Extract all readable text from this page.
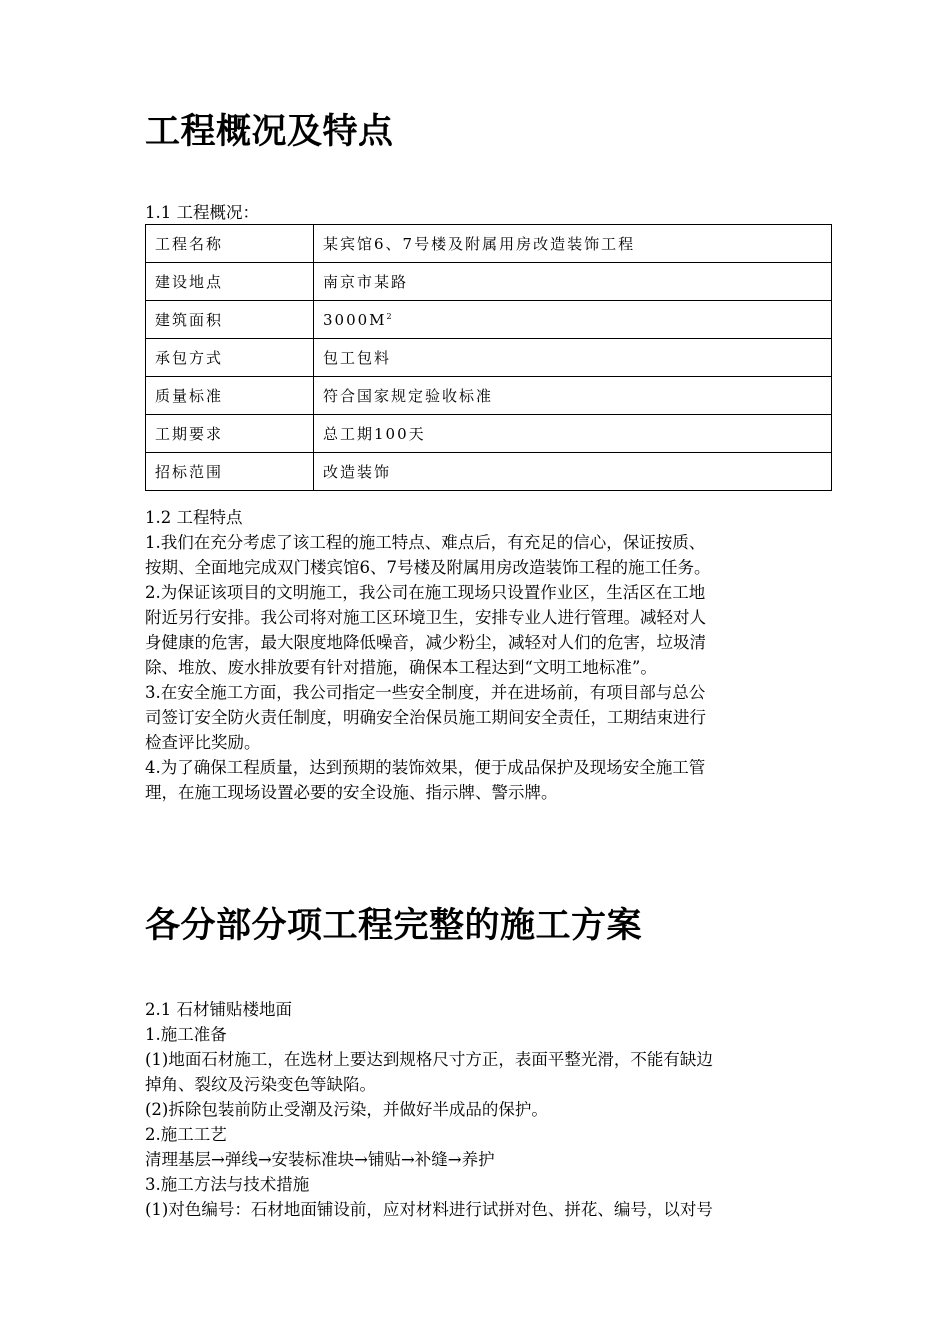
工程概况及特点
1.1 工程概况：
工程名称	某宾馆6、7号楼及附属用房改造装饰工程
建设地点	南京市某路
建筑面积	$3000M^2$
承包方式	包工包料
质量标准	符合国家规定验收标准
工期要求	总工期100天
招标范围	改造装饰
1.2 工程特点
1.我们在充分考虑了该工程的施工特点、难点后，有充足的信心，保证按质、
按期、全面地完成双门楼宾馆6、7号楼及附属用房改造装饰工程的施工任务。
2.为保证该项目的文明施工，我公司在施工现场只设置作业区，生活区在工地
附近另行安排。我公司将对施工区环境卫生，安排专业人进行管理。减轻对人
身健康的危害，最大限度地降低噪音，减少粉尘，减轻对人们的危害，垃圾清
除、堆放、废水排放要有针对措施，确保本工程达到“文明工地标准”。
3.在安全施工方面，我公司指定一些安全制度，并在进场前，有项目部与总公
司签订安全防火责任制度，明确安全治保员施工期间安全责任，工期结束进行
检查评比奖励。
4.为了确保工程质量，达到预期的装饰效果，便于成品保护及现场安全施工管
理，在施工现场设置必要的安全设施、指示牌、警示牌。
各分部分项工程完整的施工方案
2.1 石材铺贴楼地面
1.施工准备
(1)地面石材施工，在选材上要达到规格尺寸方正，表面平整光滑，不能有缺边
掉角、裂纹及污染变色等缺陷。
(2)拆除包装前防止受潮及污染，并做好半成品的保护。
2.施工工艺
清理基层→弹线→安装标准块→铺贴→补缝→养护
3.施工方法与技术措施
(1)对色编号：石材地面铺设前，应对材料进行试拼对色、拼花、编号，以对号
